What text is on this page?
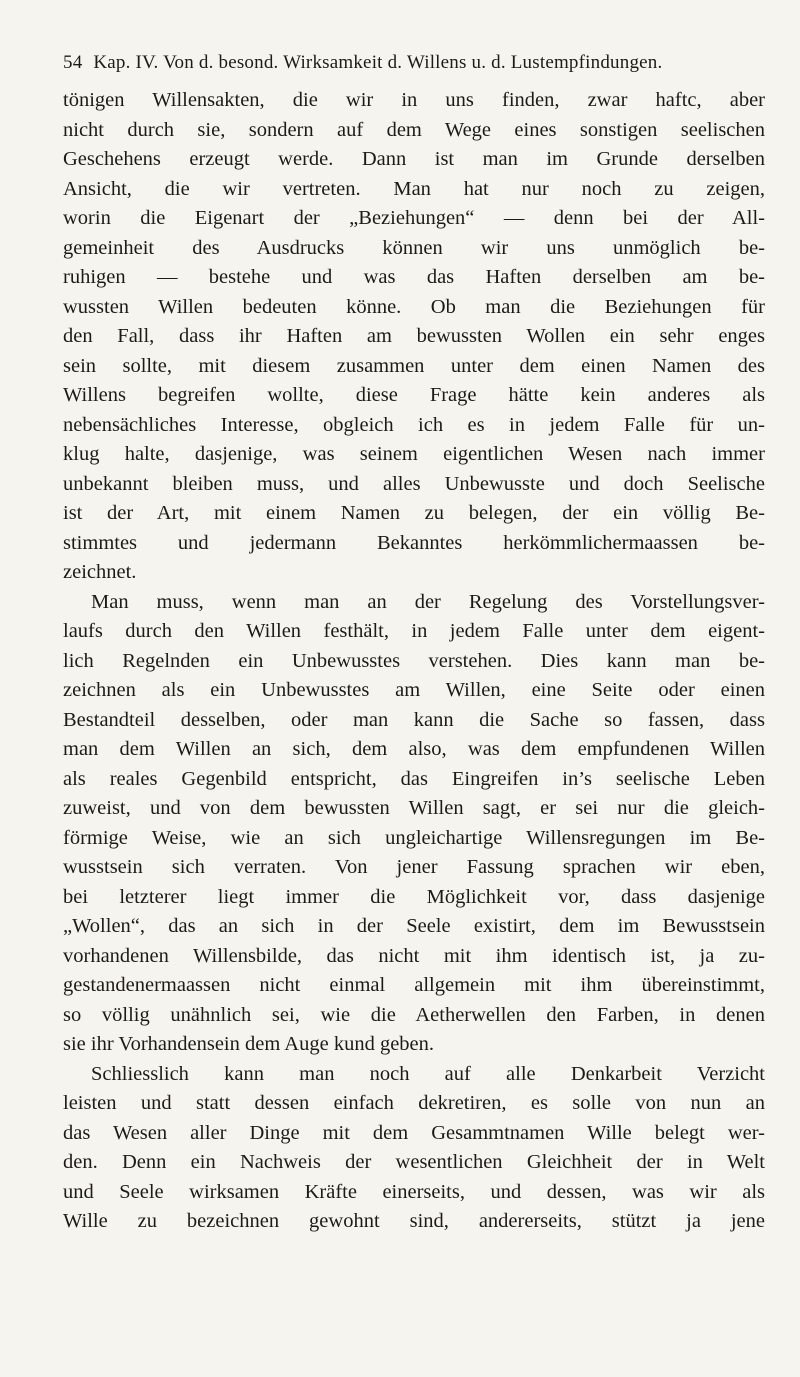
54 Kap. IV. Von d. besond. Wirksamkeit d. Willens u. d. Lustempfindungen.
tönigen Willensakten, die wir in uns finden, zwar haftc, aber
nicht durch sie, sondern auf dem Wege eines sonstigen seelischen
Geschehens erzeugt werde. Dann ist man im Grunde derselben
Ansicht, die wir vertreten. Man hat nur noch zu zeigen,
worin die Eigenart der „Beziehungen“ — denn bei der All-
gemeinheit des Ausdrucks können wir uns unmöglich be-
ruhigen — bestehe und was das Haften derselben am be-
wussten Willen bedeuten könne. Ob man die Beziehungen für
den Fall, dass ihr Haften am bewussten Wollen ein sehr enges
sein sollte, mit diesem zusammen unter dem einen Namen des
Willens begreifen wollte, diese Frage hätte kein anderes als
nebensächliches Interesse, obgleich ich es in jedem Falle für un-
klug halte, dasjenige, was seinem eigentlichen Wesen nach immer
unbekannt bleiben muss, und alles Unbewusste und doch Seelische
ist der Art, mit einem Namen zu belegen, der ein völlig Be-
stimmtes und jedermann Bekanntes herkömmlichermaassen be-
zeichnet.
Man muss, wenn man an der Regelung des Vorstellungsver-
laufs durch den Willen festhält, in jedem Falle unter dem eigent-
lich Regelnden ein Unbewusstes verstehen. Dies kann man be-
zeichnen als ein Unbewusstes am Willen, eine Seite oder einen
Bestandteil desselben, oder man kann die Sache so fassen, dass
man dem Willen an sich, dem also, was dem empfundenen Willen
als reales Gegenbild entspricht, das Eingreifen in’s seelische Leben
zuweist, und von dem bewussten Willen sagt, er sei nur die gleich-
förmige Weise, wie an sich ungleichartige Willensregungen im Be-
wusstsein sich verraten. Von jener Fassung sprachen wir eben,
bei letzterer liegt immer die Möglichkeit vor, dass dasjenige
„Wollen“, das an sich in der Seele existirt, dem im Bewusstsein
vorhandenen Willensbilde, das nicht mit ihm identisch ist, ja zu-
gestandenermaassen nicht einmal allgemein mit ihm übereinstimmt,
so völlig unähnlich sei, wie die Aetherwellen den Farben, in denen
sie ihr Vorhandensein dem Auge kund geben.
Schliesslich kann man noch auf alle Denkarbeit Verzicht
leisten und statt dessen einfach dekretiren, es solle von nun an
das Wesen aller Dinge mit dem Gesammtnamen Wille belegt wer-
den. Denn ein Nachweis der wesentlichen Gleichheit der in Welt
und Seele wirksamen Kräfte einerseits, und dessen, was wir als
Wille zu bezeichnen gewohnt sind, andererseits, stützt ja jene
